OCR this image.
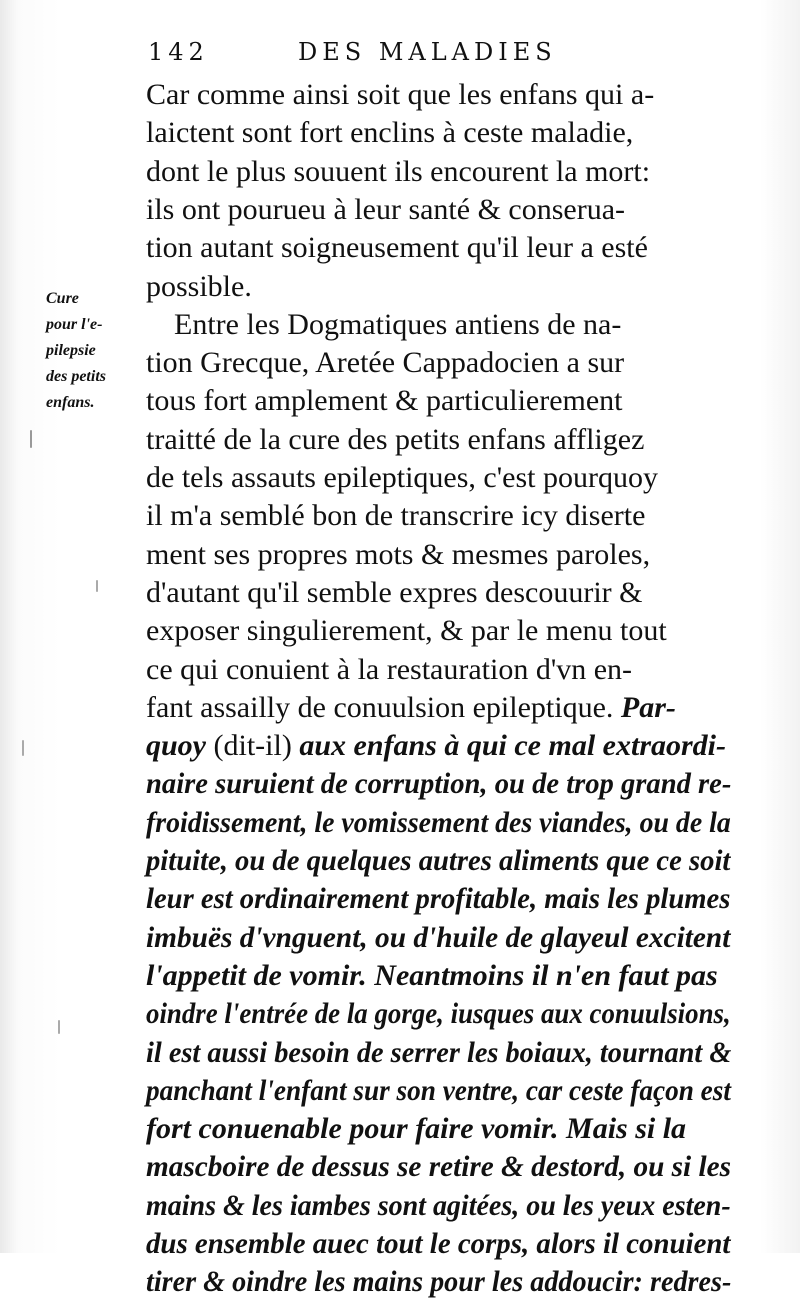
142	DES MALADIES
Cure
pour l'e-
pilepsie
des petits
enfans.
Car comme ainsi soit que les enfans qui a-
laictent sont fort enclins à ceste maladie,
dont le plus souuent ils encourent la mort:
ils ont pourueu à leur santé & conserua-
tion autant soigneusement qu'il leur a esté
possible.
Entre les Dogmatiques antiens de na-
tion Grecque, Aretée Cappadocien a sur
tous fort amplement & particulierement
traitté de la cure des petits enfans affligez
de tels assauts epileptiques, c'est pourquoy
il m'a semblé bon de transcrire icy diserte
ment ses propres mots & mesmes paroles,
d'autant qu'il semble expres descouurir &
exposer singulierement, & par le menu tout
ce qui conuient à la restauration d'vn en-
fant assailly de conuulsion epileptique. Par-
quoy (dit-il) aux enfans à qui ce mal extraordi-
naire suruient de corruption, ou de trop grand re-
froidissement, le vomissement des viandes, ou de la
pituite, ou de quelques autres aliments que ce soit
leur est ordinairement profitable, mais les plumes
imbuës d'vnguent, ou d'huile de glayeul excitent
l'appetit de vomir. Neantmoins il n'en faut pas
oindre l'entrée de la gorge, iusques aux conuulsions,
il est aussi besoin de serrer les boiaux, tournant &
panchant l'enfant sur son ventre, car ceste façon est
fort conuenable pour faire vomir. Mais si la
mascboire de dessus se retire & destord, ou si les
mains & les iambes sont agitées, ou les yeux esten-
dus ensemble auec tout le corps, alors il conuient
tirer & oindre les mains pour les addoucir: redres-
